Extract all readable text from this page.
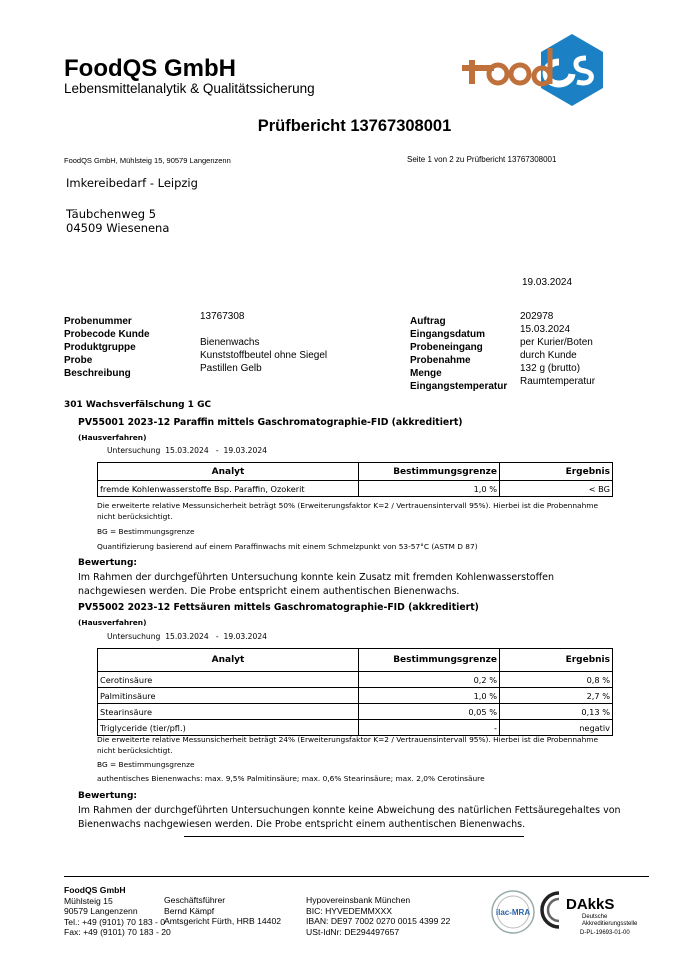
FoodQS GmbH
Lebensmittelanalytik & Qualitätssicherung
foodQS
Prüfbericht 13767308001
FoodQS GmbH, Mühlsteig 15, 90579 Langenzenn	Seite 1 von 2 zu Prüfbericht 13767308001
Imkereibedarf - Leipzig
Täubchenweg 5
04509 Wiesenena
19.03.2024
Probenummer	13767308
Probecode Kunde
Produktgruppe	Bienenwachs
Probe	Kunststoffbeutel ohne Siegel
Beschreibung	Pastillen Gelb
Auftrag	202978
Eingangsdatum	15.03.2024
Probeneingang	per Kurier/Boten
Probenahme	durch Kunde
Menge	132 g (brutto)
Eingangstemperatur Raumtemperatur
301 Wachsverfälschung 1 GC
PV55001 2023-12 Paraffin mittels Gaschromatographie-FID (akkreditiert)
(Hausverfahren)
Untersuchung 15.03.2024 - 19.03.2024
Analyt	Bestimmungsgrenze	Ergebnis
fremde Kohlenwasserstoffe Bsp. Paraffin, Ozokerit	1,0 %	< BG
Die erweiterte relative Messunsicherheit beträgt 50% (Erweiterungsfaktor K=2 / Vertrauensintervall 95%). Hierbei ist die Probennahme nicht berücksichtigt.
BG = Bestimmungsgrenze
Quantifizierung basierend auf einem Paraffinwachs mit einem Schmelzpunkt von 53-57°C (ASTM D 87)
Bewertung:
Im Rahmen der durchgeführten Untersuchung konnte kein Zusatz mit fremden Kohlenwasserstoffen nachgewiesen werden. Die Probe entspricht einem authentischen Bienenwachs.
PV55002 2023-12 Fettsäuren mittels Gaschromatographie-FID (akkreditiert)
(Hausverfahren)
Untersuchung 15.03.2024 - 19.03.2024
Analyt	Bestimmungsgrenze	Ergebnis
Cerotinsäure	0,2 %	0,8 %
Palmitinsäure	1,0 %	2,7 %
Stearinsäure	0,05 %	0,13 %
Triglyceride (tier/pfl.)	-	negativ
Die erweiterte relative Messunsicherheit beträgt 24% (Erweiterungsfaktor K=2 / Vertrauensintervall 95%). Hierbei ist die Probennahme nicht berücksichtigt.
BG = Bestimmungsgrenze
authentisches Bienenwachs: max. 9,5% Palmitinsäure; max. 0,6% Stearinsäure; max. 2,0% Cerotinsäure
Bewertung:
Im Rahmen der durchgeführten Untersuchungen konnte keine Abweichung des natürlichen Fettsäuregehaltes von Bienenwachs nachgewiesen werden. Die Probe entspricht einem authentischen Bienenwachs.
FoodQS GmbH
Mühlsteig 15
90579 Langenzenn
Tel.: +49 (9101) 70 183 - 0
Fax: +49 (9101) 70 183 - 20
Geschäftsführer
Bernd Kämpf
Amtsgericht Fürth, HRB 14402
Hypovereinsbank München
BIC: HYVEDEMMXXX
IBAN: DE97 7002 0270 0015 4399 22
USt-IdNr: DE294497657
ilac-MRA DAkkS
Deutsche
Akkreditierungsstelle
D-PL-19693-01-00
